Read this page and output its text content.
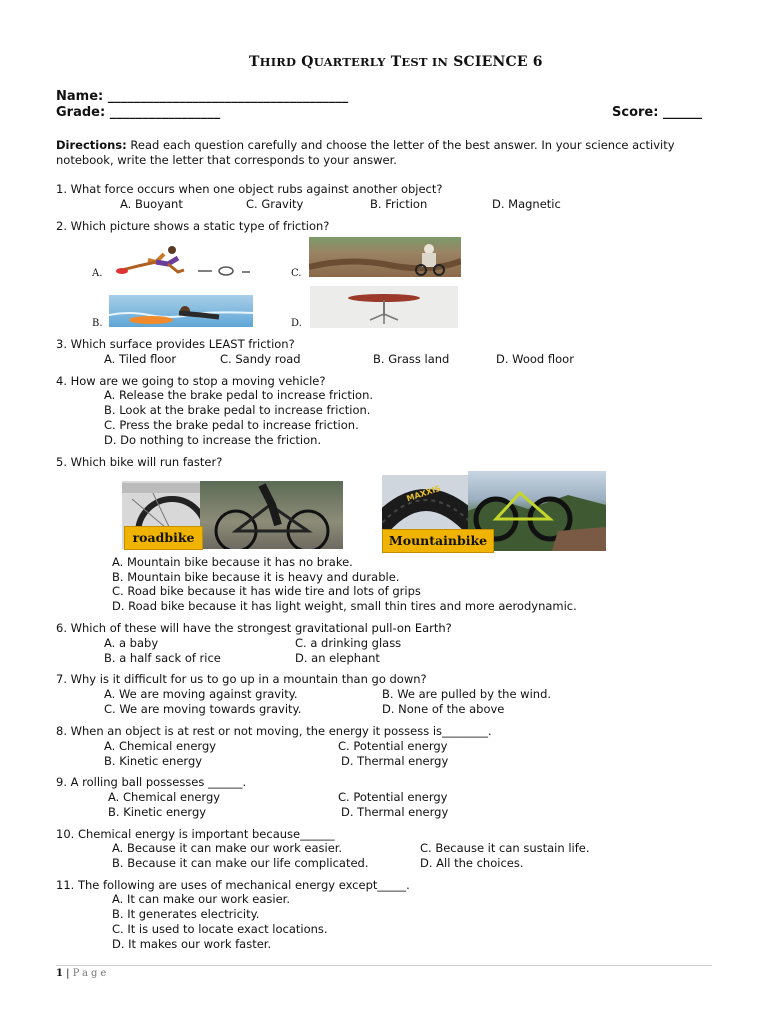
THIRD QUARTERLY TEST IN SCIENCE 6
Name: _____________________________________
Grade: _________________	Score: ______
Directions: Read each question carefully and choose the letter of the best answer. In your science activity notebook, write the letter that corresponds to your answer.
1. What force occurs when one object rubs against another object?
A. Buoyant	C. Gravity	B. Friction	D. Magnetic
2. Which picture shows a static type of friction?
A.	C.
B.	D.
3. Which surface provides LEAST friction?
A. Tiled floor	C. Sandy road	B. Grass land	D. Wood floor
4. How are we going to stop a moving vehicle?
A. Release the brake pedal to increase friction.
B. Look at the brake pedal to increase friction.
C. Press the brake pedal to increase friction.
D. Do nothing to increase the friction.
5. Which bike will run faster?
roadbike
MAXXIS
Mountainbike
A. Mountain bike because it has no brake.
B. Mountain bike because it is heavy and durable.
C. Road bike because it has wide tire and lots of grips
D. Road bike because it has light weight, small thin tires and more aerodynamic.
6. Which of these will have the strongest gravitational pull-on Earth?
A. a baby	C. a drinking glass
B. a half sack of rice	D. an elephant
7. Why is it difficult for us to go up in a mountain than go down?
A. We are moving against gravity.	B. We are pulled by the wind.
C. We are moving towards gravity.	D. None of the above
8. When an object is at rest or not moving, the energy it possess is________.
A. Chemical energy	C. Potential energy
B. Kinetic energy	D. Thermal energy
9. A rolling ball possesses ______.
A. Chemical energy	C. Potential energy
B. Kinetic energy	D. Thermal energy
10. Chemical energy is important because______
A. Because it can make our work easier.	C. Because it can sustain life.
B. Because it can make our life complicated.	D. All the choices.
11. The following are uses of mechanical energy except_____.
A. It can make our work easier.
B. It generates electricity.
C. It is used to locate exact locations.
D. It makes our work faster.
1 | Page
